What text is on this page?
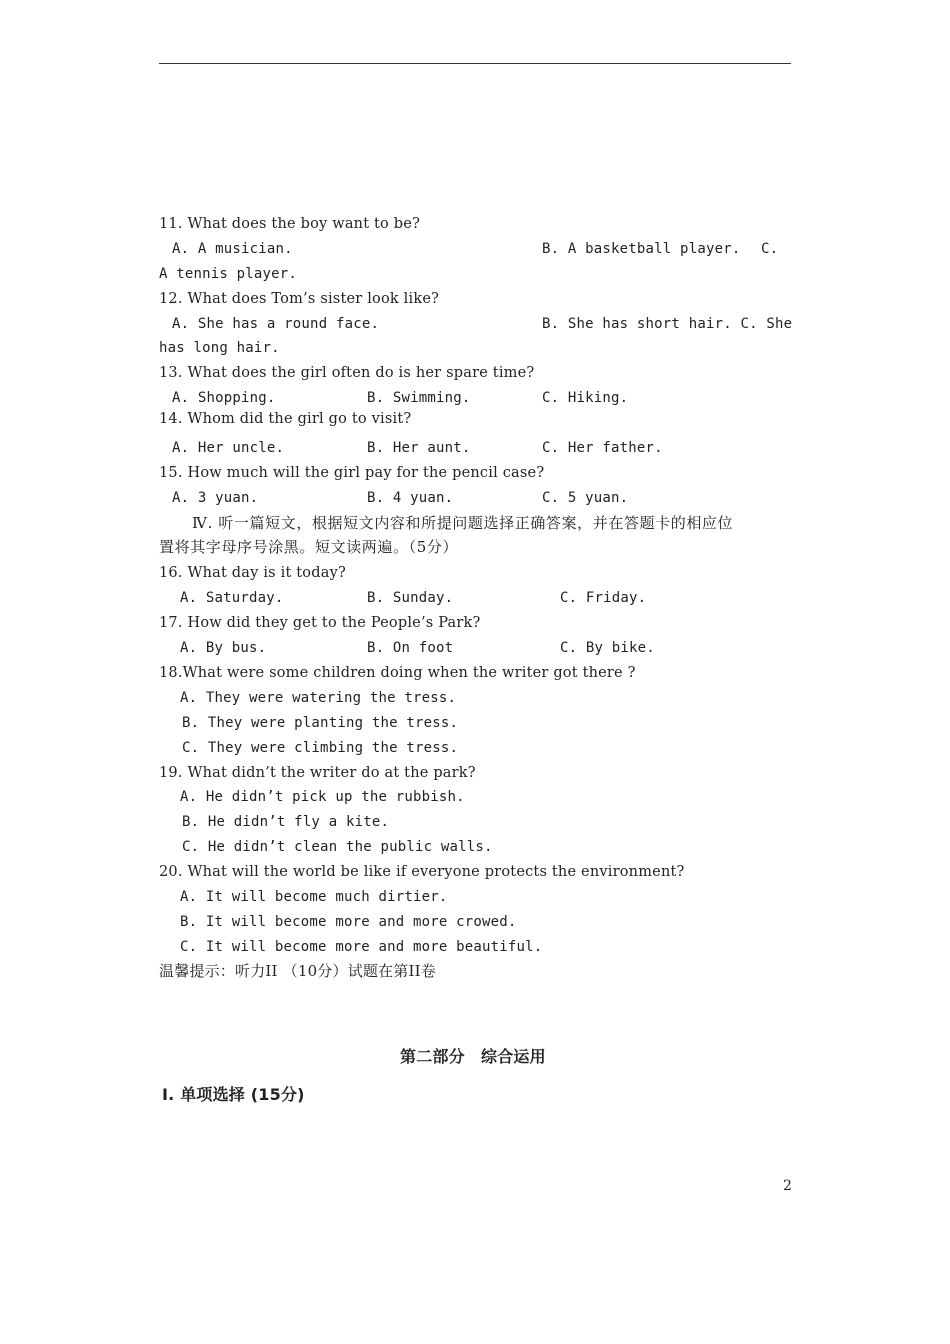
11. What does the boy want to be?
A. A musician.	B. A basketball player. C.
A tennis player.
12. What does Tom’s sister look like?
A. She has a round face.	B. She has short hair. C. She
has long hair.
13. What does the girl often do is her spare time?
A. Shopping.	B. Swimming.	C. Hiking.
14. Whom did the girl go to visit?
A. Her uncle.	B. Her aunt.	C. Her father.
15. How much will the girl pay for the pencil case?
A. 3 yuan.	B. 4 yuan.	C. 5 yuan.
Ⅳ. 听一篇短文，根据短文内容和所提问题选择正确答案，并在答题卡的相应位
置将其字母序号涂黑。短文读两遍。（5分）
16. What day is it today?
A. Saturday.	B. Sunday.	C. Friday.
17. How did they get to the People’s Park?
A. By bus.	B. On foot	C. By bike.
18.What were some children doing when the writer got there ?
A. They were watering the tress.
B. They were planting the tress.
C. They were climbing the tress.
19. What didn’t the writer do at the park?
A. He didn’t pick up the rubbish.
B. He didn’t fly a kite.
C. He didn’t clean the public walls.
20. What will the world be like if everyone protects the environment?
A. It will become much dirtier.
B. It will become more and more crowed.
C. It will become more and more beautiful.
温馨提示：听力II （10分）试题在第II卷
第二部分　综合运用
Ⅰ. 单项选择 (15分)
2
